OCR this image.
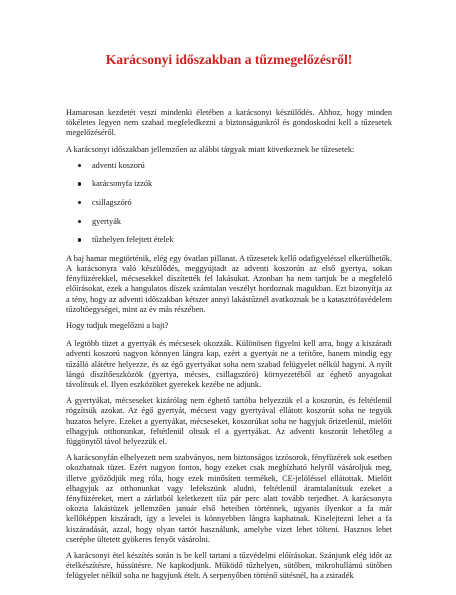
Karácsonyi időszakban a tűzmegelőzésről!

Hamarosan kezdetét veszi mindenki életében a karácsonyi készülődés. Ahhoz, hogy minden tökéletes legyen nem szabad megfeledkezni a biztonságunkról és gondoskodni kell a tűzesetek megelőzéséről.

A karácsonyi időszakban jellemzően az alábbi tárgyak miatt következnek be tűzesetek:

adventi koszorú
karácsonyfa izzók
csillagszóró
gyertyák
tűzhelyen felejtett ételek

A baj hamar megtörténik, elég egy óvatlan pillanat. A tűzesetek kellő odafigyeléssel elkerülhetők. A karácsonyra való készülődés, meggyújtadt az adventi koszorún az első gyertya, sokan fényfüzérekkel, mécsesekkel díszítették fel lakásukat. Azonban ha nem tartjuk be a megfelelő előírásokat, ezek a hangulatos díszek számtalan veszélyt hordoznak magukban. Ezt bizonyítja az a tény, hogy az adventi időszakban kétszer annyi lakástűznél avatkoznak be a katasztrófavédelem tűzoltóegységei, mint az év más részében.

Hogy tudjuk megelőzni a bajt?

A legtöbb tüzet a gyertyák és mécsesek okozzák. Különösen figyelni kell arra, hogy a kiszáradt adventi koszorú nagyon könnyen lángra kap, ezért a gyertyát ne a terítőre, hanem mindig egy tűzálló alátétre helyezze, és az égő gyertyákat soha nem szabad felügyelet nélkül hagyni. A nyílt lángú díszítőeszközök (gyertya, mécses, csillagszóró) környezetéből az éghető anyagokat távolítsuk el. Ilyen eszközöket gyerekek kezébe ne adjunk.

A gyertyákat, mécseseket kizárólag nem éghető tartóba helyezzük el a koszorún, és feltétlenül rögzítsük azokat. Az égő gyertyát, mécsest vagy gyertyával ellátott koszorút soha ne tegyük huzatos helyre. Ezeket a gyertyákat, mécseseket, koszorúkat soha ne hagyjuk őrizetlenül, mielőtt elhagyjuk otthonunkat, feltétlenül oltsuk el a gyertyákat. Az adventi koszorút lehetőleg a függönytől távol helyezzük el.

A karácsonyfán elhelyezett nem szabványos, nem biztonságos izzósorok, fényfüzérek sok esetben okozhatnak tüzet. Ezért nagyon fontos, hogy ezeket csak megbízható helyről vásároljuk meg, illetve győződjük meg róla, hogy ezek minősített termékek, CE-jelöléssel ellátottak. Mielőtt elhagyjuk az otthonunkat vagy lefekszünk aludni, feltétlenül áramtalanítsuk ezeket a fényfüzéreket, mert a zárlatból keletkezett tűz pár perc alatt tovább terjedhet. A karácsonyra okozta lakástüzek jellemzően január első heteiben történnek, ugyanis ilyenkor a fa már kellőképpen kiszáradt, így a levelei is könnyebben lángra kaphatnak. Kiselejtezni lehet a fa kiszáradását, azzal, hogy olyan tartót használunk, amelybe vizet lehet tölteni. Hasznos lehet cserépbe ültetett gyökeres fenyőt vásárolni.

A karácsonyi étel készítés során is be kell tartani a tűzvédelmi előírásokat. Szánjunk elég időt az ételkészítésre, hússütésre. Ne kapkodjunk. Működő tűzhelyen, sütőben, mikrohullámú sütőben felügyelet nélkül soha ne hagyjunk ételt. A serpenyőben történő sütésnél, ha a zsiradék
